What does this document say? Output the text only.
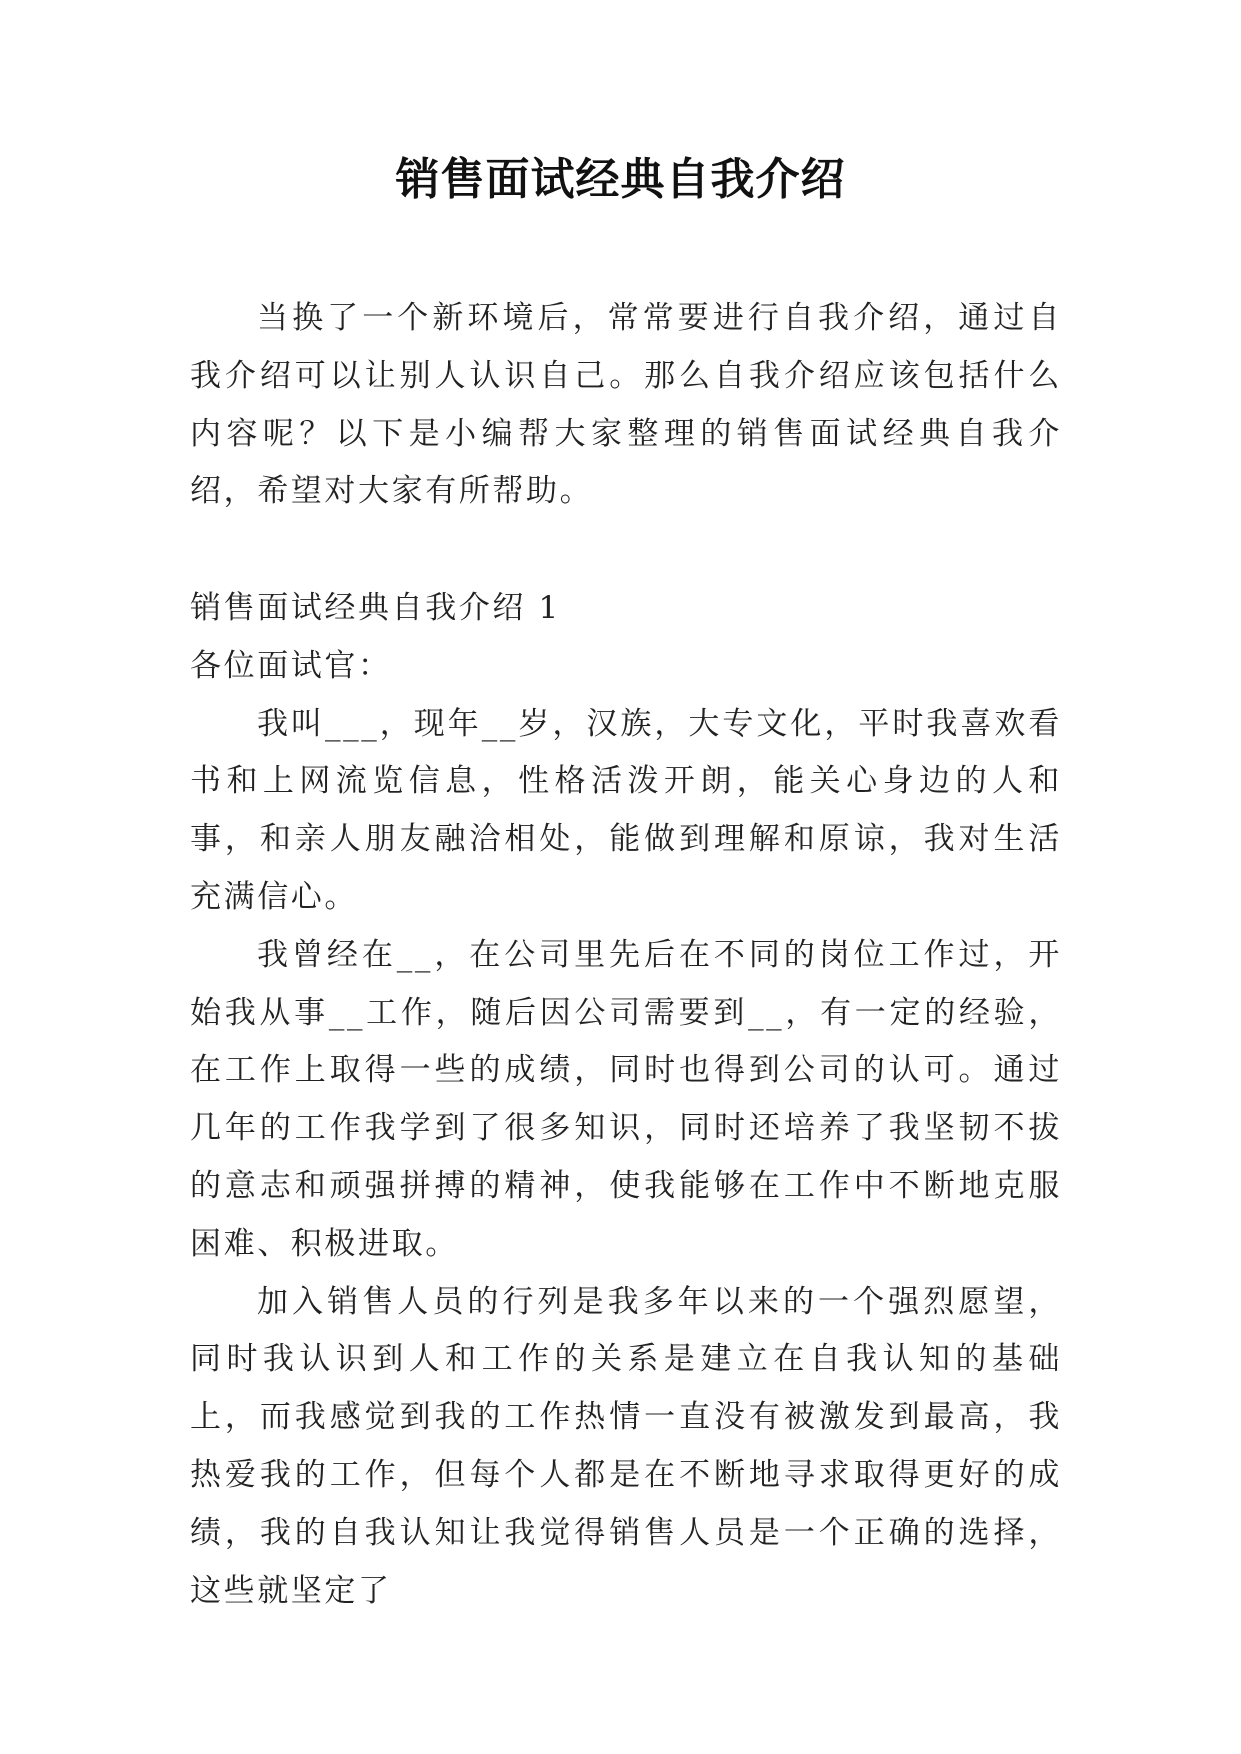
销售面试经典自我介绍

当换了一个新环境后，常常要进行自我介绍，通过自我介绍可以让别人认识自己。那么自我介绍应该包括什么内容呢？以下是小编帮大家整理的销售面试经典自我介绍，希望对大家有所帮助。

销售面试经典自我介绍 1

各位面试官：

我叫___，现年__岁，汉族，大专文化，平时我喜欢看书和上网流览信息，性格活泼开朗，能关心身边的人和事，和亲人朋友融洽相处，能做到理解和原谅，我对生活充满信心。

我曾经在__，在公司里先后在不同的岗位工作过，开始我从事__工作，随后因公司需要到__，有一定的经验，在工作上取得一些的成绩，同时也得到公司的认可。通过几年的工作我学到了很多知识，同时还培养了我坚韧不拔的意志和顽强拼搏的精神，使我能够在工作中不断地克服困难、积极进取。

加入销售人员的行列是我多年以来的一个强烈愿望，同时我认识到人和工作的关系是建立在自我认知的基础上，而我感觉到我的工作热情一直没有被激发到最高，我热爱我的工作，但每个人都是在不断地寻求取得更好的成绩，我的自我认知让我觉得销售人员是一个正确的选择，这些就坚定了
